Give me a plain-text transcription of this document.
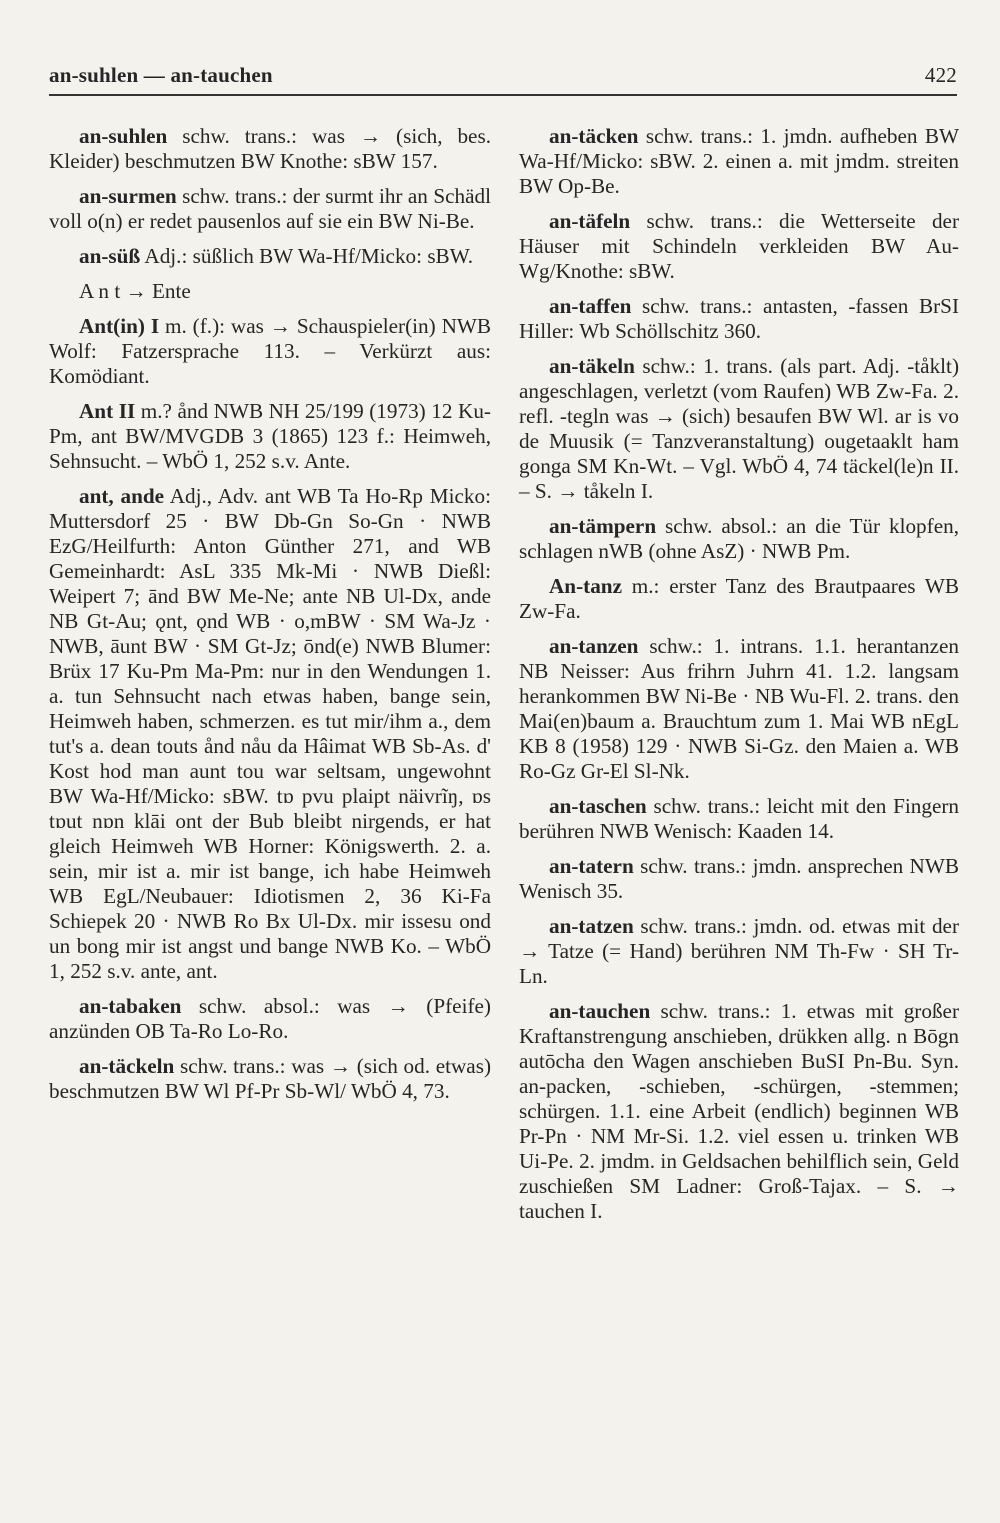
an-suhlen — an-tauchen	422

an-suhlen schw. trans.: was → (sich, bes. Kleider) beschmutzen BW Knothe: sBW 157.

an-surmen schw. trans.: der surmt ihr an Schädl voll o(n) er redet pausenlos auf sie ein BW Ni-Be.

an-süß Adj.: süßlich BW Wa-Hf/Micko: sBW.

A n t → Ente

Ant(in) I m. (f.): was → Schauspieler(in) NWB Wolf: Fatzersprache 113. – Verkürzt aus: Komödiant.

Ant II m.? ånd NWB NH 25/199 (1973) 12 Ku-Pm, ant BW/MVGDB 3 (1865) 123 f.: Heimweh, Sehnsucht. – WbÖ 1, 252 s.v. Ante.

ant, ande Adj., Adv. ant WB Ta Ho-Rp Micko: Muttersdorf 25 · BW Db-Gn So-Gn · NWB EzG/Heilfurth: Anton Günther 271, and WB Gemeinhardt: AsL 335 Mk-Mi · NWB Dießl: Weipert 7; ānd BW Me-Ne; ante NB Ul-Dx, ande NB Gt-Au; ǫnt, ǫnd WB · o,mBW · SM Wa-Jz · NWB, āunt BW · SM Gt-Jz; ōnd(e) NWB Blumer: Brüx 17 Ku-Pm Ma-Pm: nur in den Wendungen 1. a. tun Sehnsucht nach etwas haben, bange sein, Heimweh haben, schmerzen. es tut mir/ihm a., dem tut's a. dean touts ånd nåu da Hâimat WB Sb-As. d' Kost hod man aunt tou war seltsam, ungewohnt BW Wa-Hf/Micko: sBW. tɒ pvu plaipt näivrĩŋ, ɒs tɒut nɒn klāi ont der Bub bleibt nirgends, er hat gleich Heimweh WB Horner: Königswerth. 2. a. sein, mir ist a. mir ist bange, ich habe Heimweh WB EgL/Neubauer: Idiotismen 2, 36 Ki-Fa Schiepek 20 · NWB Ro Bx Ul-Dx. mir issesu ond un bong mir ist angst und bange NWB Ko. – WbÖ 1, 252 s.v. ante, ant.

an-tabaken schw. absol.: was → (Pfeife) anzünden OB Ta-Ro Lo-Ro.

an-täckeln schw. trans.: was → (sich od. etwas) beschmutzen BW Wl Pf-Pr Sb-Wl/ WbÖ 4, 73.

an-täcken schw. trans.: 1. jmdn. aufheben BW Wa-Hf/Micko: sBW. 2. einen a. mit jmdm. streiten BW Op-Be.

an-täfeln schw. trans.: die Wetterseite der Häuser mit Schindeln verkleiden BW Au-Wg/Knothe: sBW.

an-taffen schw. trans.: antasten, -fassen BrSI Hiller: Wb Schöllschitz 360.

an-täkeln schw.: 1. trans. (als part. Adj. -tåklt) angeschlagen, verletzt (vom Raufen) WB Zw-Fa. 2. refl. -tegln was → (sich) besaufen BW Wl. ar is vo de Muusik (= Tanzveranstaltung) ougetaaklt ham gonga SM Kn-Wt. – Vgl. WbÖ 4, 74 täckel(le)n II. – S. → tåkeln I.

an-tämpern schw. absol.: an die Tür klopfen, schlagen nWB (ohne AsZ) · NWB Pm.

An-tanz m.: erster Tanz des Brautpaares WB Zw-Fa.

an-tanzen schw.: 1. intrans. 1.1. herantanzen NB Neisser: Aus frihrn Juhrn 41. 1.2. langsam herankommen BW Ni-Be · NB Wu-Fl. 2. trans. den Mai(en)baum a. Brauchtum zum 1. Mai WB nEgL KB 8 (1958) 129 · NWB Si-Gz. den Maien a. WB Ro-Gz Gr-El Sl-Nk.

an-taschen schw. trans.: leicht mit den Fingern berühren NWB Wenisch: Kaaden 14.

an-tatern schw. trans.: jmdn. ansprechen NWB Wenisch 35.

an-tatzen schw. trans.: jmdn. od. etwas mit der → Tatze (= Hand) berühren NM Th-Fw · SH Tr-Ln.

an-tauchen schw. trans.: 1. etwas mit großer Kraftanstrengung anschieben, drükken allg. n Bōgn autōcha den Wagen anschieben BuSI Pn-Bu. Syn. an-packen, -schieben, -schürgen, -stemmen; schürgen. 1.1. eine Arbeit (endlich) beginnen WB Pr-Pn · NM Mr-Si. 1.2. viel essen u. trinken WB Ui-Pe. 2. jmdm. in Geldsachen behilflich sein, Geld zuschießen SM Ladner: Groß-Tajax. – S. → tauchen I.
